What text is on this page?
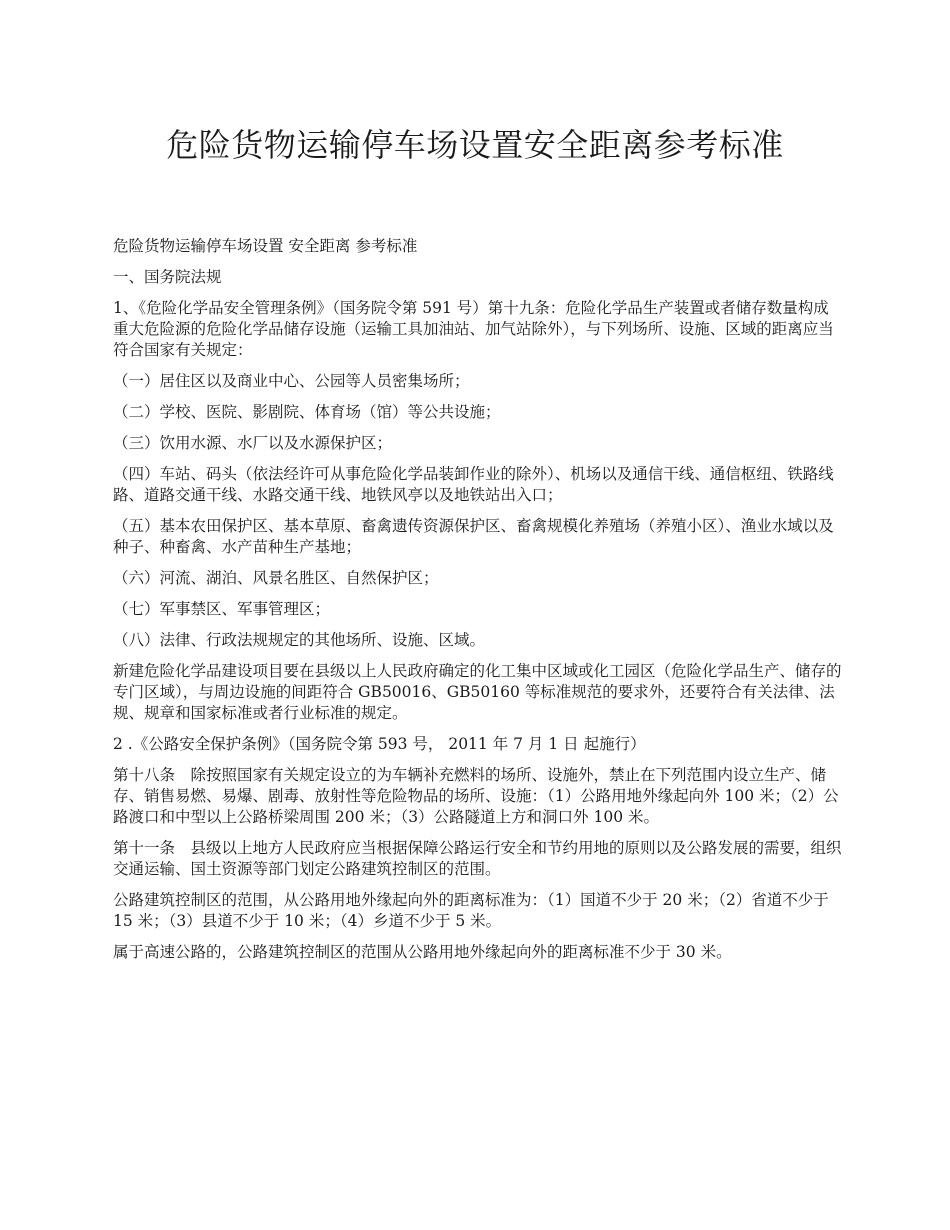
危险货物运输停车场设置安全距离参考标准

危险货物运输停车场设置 安全距离 参考标准

一、国务院法规

1、《危险化学品安全管理条例》（国务院令第 591 号）第十九条：危险化学品生产装置或者储存数量构成重大危险源的危险化学品储存设施（运输工具加油站、加气站除外），与下列场所、设施、区域的距离应当符合国家有关规定：

（一）居住区以及商业中心、公园等人员密集场所；

（二）学校、医院、影剧院、体育场（馆）等公共设施；

（三）饮用水源、水厂以及水源保护区；

（四）车站、码头（依法经许可从事危险化学品装卸作业的除外）、机场以及通信干线、通信枢纽、铁路线路、道路交通干线、水路交通干线、地铁风亭以及地铁站出入口；

（五）基本农田保护区、基本草原、畜禽遗传资源保护区、畜禽规模化养殖场（养殖小区）、渔业水域以及种子、种畜禽、水产苗种生产基地；

（六）河流、湖泊、风景名胜区、自然保护区；

（七）军事禁区、军事管理区；

（八）法律、行政法规规定的其他场所、设施、区域。

新建危险化学品建设项目要在县级以上人民政府确定的化工集中区域或化工园区（危险化学品生产、储存的专门区域），与周边设施的间距符合 GB50016、GB50160 等标准规范的要求外，还要符合有关法律、法规、规章和国家标准或者行业标准的规定。

2 .《公路安全保护条例》（国务院令第 593 号， 2011 年 7 月 1 日 起施行）

第十八条　除按照国家有关规定设立的为车辆补充燃料的场所、设施外，禁止在下列范围内设立生产、储存、销售易燃、易爆、剧毒、放射性等危险物品的场所、设施：（1）公路用地外缘起向外 100 米；（2）公路渡口和中型以上公路桥梁周围 200 米；（3）公路隧道上方和洞口外 100 米。

第十一条　县级以上地方人民政府应当根据保障公路运行安全和节约用地的原则以及公路发展的需要，组织交通运输、国土资源等部门划定公路建筑控制区的范围。

公路建筑控制区的范围，从公路用地外缘起向外的距离标准为：（1）国道不少于 20 米；（2）省道不少于 15 米；（3）县道不少于 10 米；（4）乡道不少于 5 米。

属于高速公路的，公路建筑控制区的范围从公路用地外缘起向外的距离标准不少于 30 米。
